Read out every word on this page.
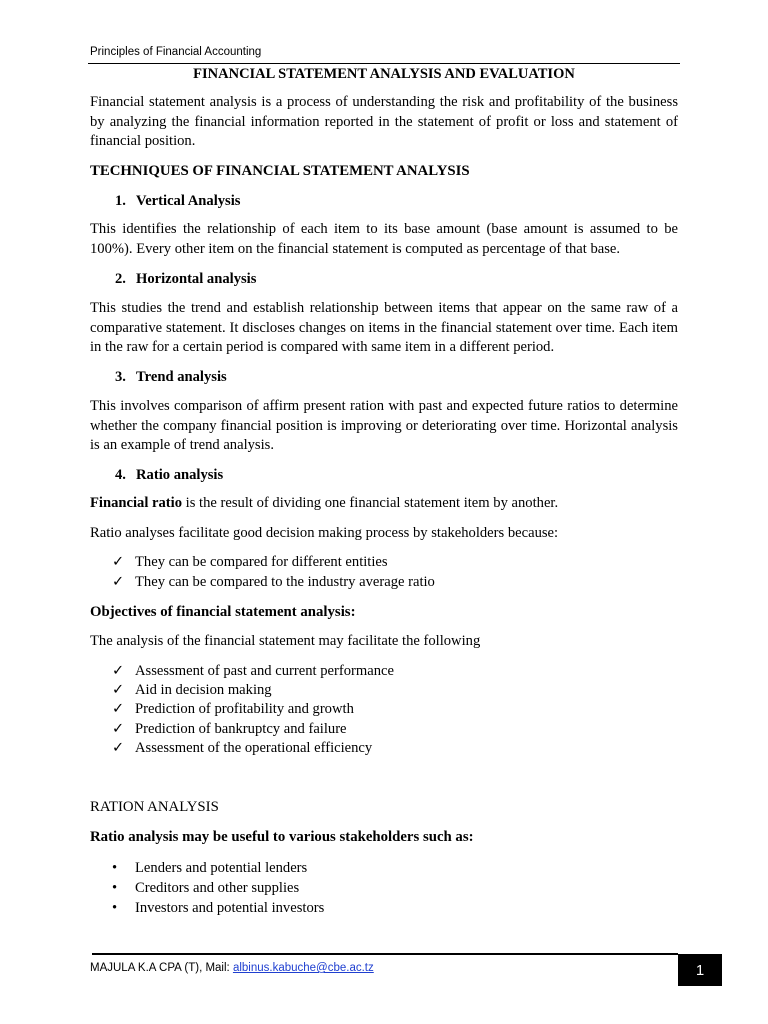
Principles of Financial Accounting
FINANCIAL STATEMENT ANALYSIS AND EVALUATION

Financial statement analysis is a process of understanding the risk and profitability of the business by analyzing the financial information reported in the statement of profit or loss and statement of financial position.

TECHNIQUES OF FINANCIAL STATEMENT ANALYSIS
1. Vertical Analysis

This identifies the relationship of each item to its base amount (base amount is assumed to be 100%). Every other item on the financial statement is computed as percentage of that base.

2. Horizontal analysis

This studies the trend and establish relationship between items that appear on the same raw of a comparative statement. It discloses changes on items in the financial statement over time. Each item in the raw for a certain period is compared with same item in a different period.

3. Trend analysis

This involves comparison of affirm present ration with past and expected future ratios to determine whether the company financial position is improving or deteriorating over time. Horizontal analysis is an example of trend analysis.

4. Ratio analysis
Financial ratio is the result of dividing one financial statement item by another.
Ratio analyses facilitate good decision making process by stakeholders because:
✓ They can be compared for different entities
✓ They can be compared to the industry average ratio
Objectives of financial statement analysis:
The analysis of the financial statement may facilitate the following
✓ Assessment of past and current performance
✓ Aid in decision making
✓ Prediction of profitability and growth
✓ Prediction of bankruptcy and failure
✓ Assessment of the operational efficiency
RATION ANALYSIS
Ratio analysis may be useful to various stakeholders such as:
• Lenders and potential lenders
• Creditors and other supplies
• Investors and potential investors
MAJULA K.A CPA (T), Mail: albinus.kabuche@cbe.ac.tz	1
